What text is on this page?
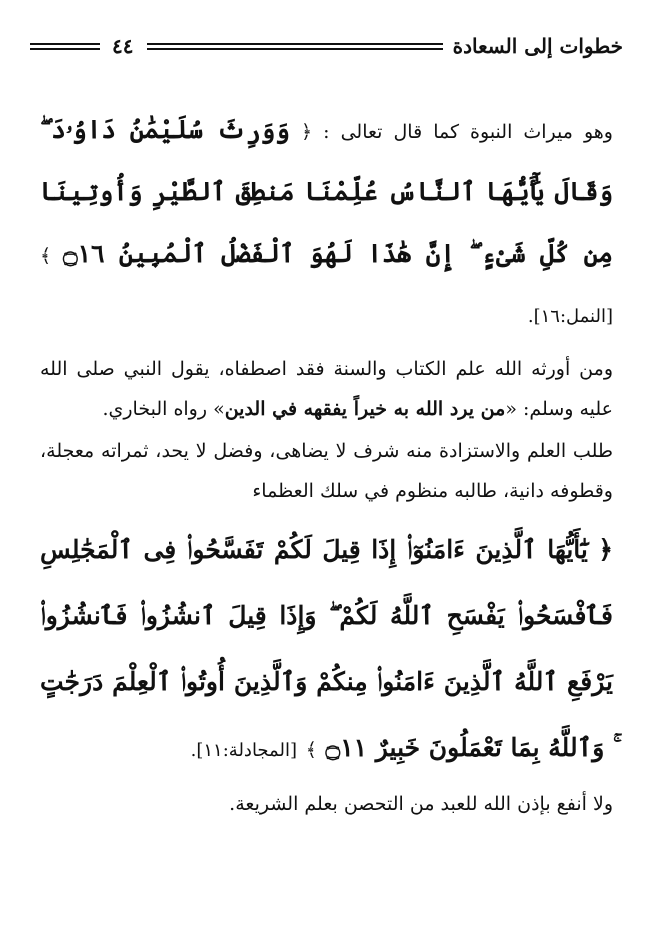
خطوات إلى السعادة
٤٤

وهو ميراث النبوة كما قال تعالى : ﴿ وَوَرِثَ سُلَيْمَٰنُ دَاوُۥدَ ۖ وَقَالَ يَٰٓأَيُّهَا ٱلنَّاسُ عُلِّمْنَا مَنطِقَ ٱلطَّيْرِ وَأُوتِينَا مِن كُلِّ شَىْءٍ ۖ إِنَّ هَٰذَا لَهُوَ ٱلْفَضْلُ ٱلْمُبِينُ ۝١٦ ﴾ [النمل:١٦].

ومن أورثه الله علم الكتاب والسنة فقد اصطفاه، يقول النبي صلى الله عليه وسلم: «من يرد الله به خيراً يفقهه في الدين» رواه البخاري.

طلب العلم والاستزادة منه شرف لا يضاهى، وفضل لا يحد، ثمراته معجلة، وقطوفه دانية، طالبه منظوم في سلك العظماء

﴿ يَٰٓأَيُّهَا ٱلَّذِينَ ءَامَنُوٓا۟ إِذَا قِيلَ لَكُمْ تَفَسَّحُوا۟ فِى ٱلْمَجَٰلِسِ فَٱفْسَحُوا۟ يَفْسَحِ ٱللَّهُ لَكُمْ ۖ وَإِذَا قِيلَ ٱنشُزُوا۟ فَٱنشُزُوا۟ يَرْفَعِ ٱللَّهُ ٱلَّذِينَ ءَامَنُوا۟ مِنكُمْ وَٱلَّذِينَ أُوتُوا۟ ٱلْعِلْمَ دَرَجَٰتٍ ۚ وَٱللَّهُ بِمَا تَعْمَلُونَ خَبِيرٌ ۝١١ ﴾ [المجادلة:١١].

ولا أنفع بإذن الله للعبد من التحصن بعلم الشريعة.
